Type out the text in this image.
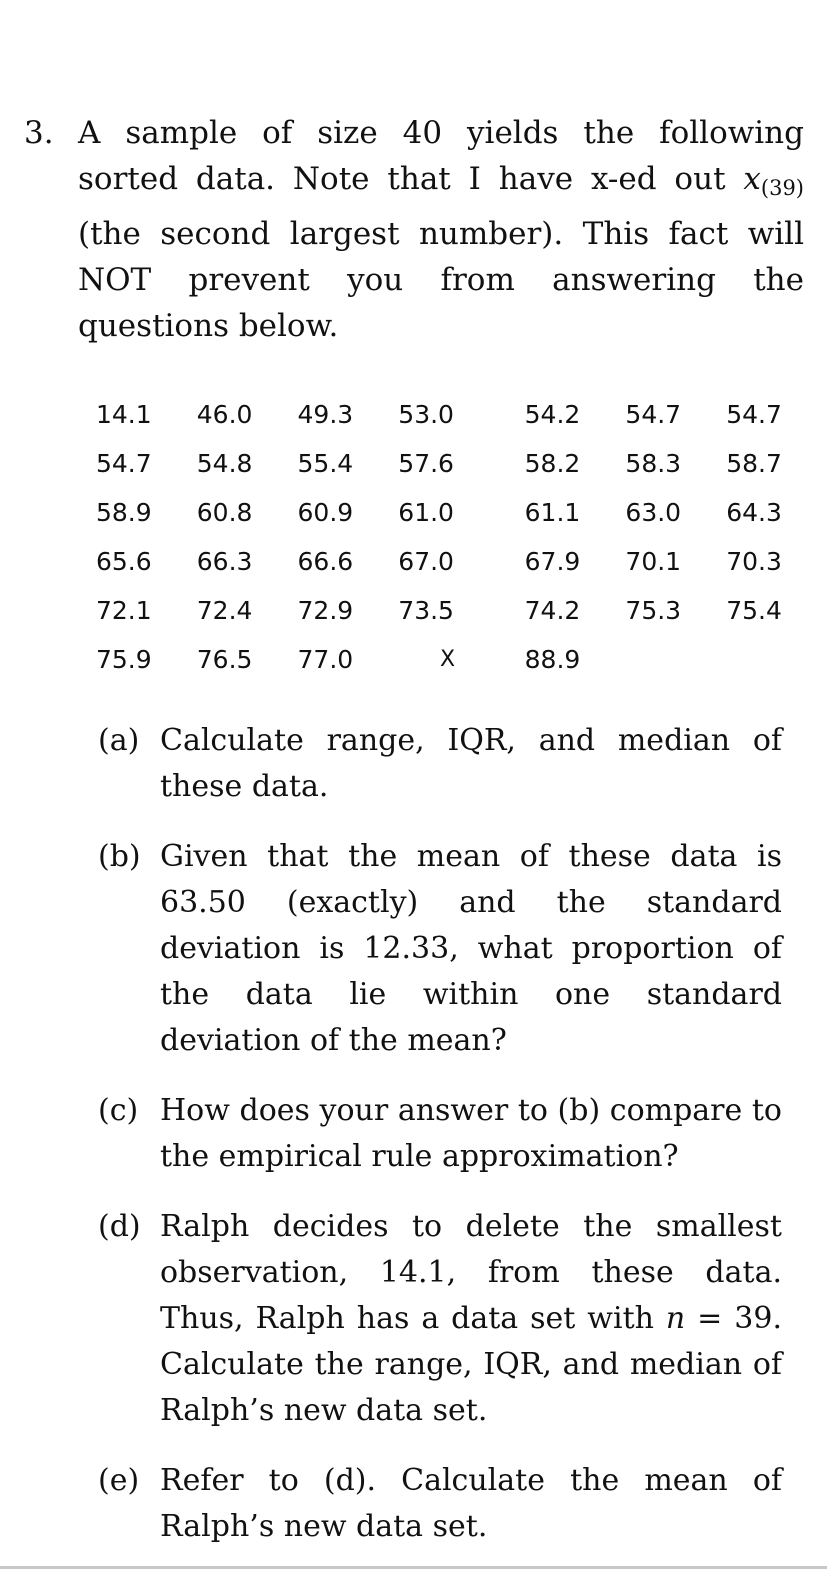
3. A sample of size 40 yields the following sorted data. Note that I have x-ed out $x_{(39)}$ (the second largest number). This fact will NOT prevent you from answering the questions below.
14.1	46.0	49.3	53.0	54.2	54.7	54.7
54.7	54.8	55.4	57.6	58.2	58.3	58.7
58.9	60.8	60.9	61.0	61.1	63.0	64.3
65.6	66.3	66.6	67.0	67.9	70.1	70.3
72.1	72.4	72.9	73.5	74.2	75.3	75.4
75.9	76.5	77.0	X	88.9		
(a) Calculate range, IQR, and median of these data.
(b) Given that the mean of these data is 63.50 (exactly) and the standard deviation is 12.33, what proportion of the data lie within one standard deviation of the mean?
(c) How does your answer to (b) compare to the empirical rule approximation?
(d) Ralph decides to delete the smallest observation, 14.1, from these data. Thus, Ralph has a data set with n = 39. Calculate the range, IQR, and median of Ralph’s new data set.
(e) Refer to (d). Calculate the mean of Ralph’s new data set.
